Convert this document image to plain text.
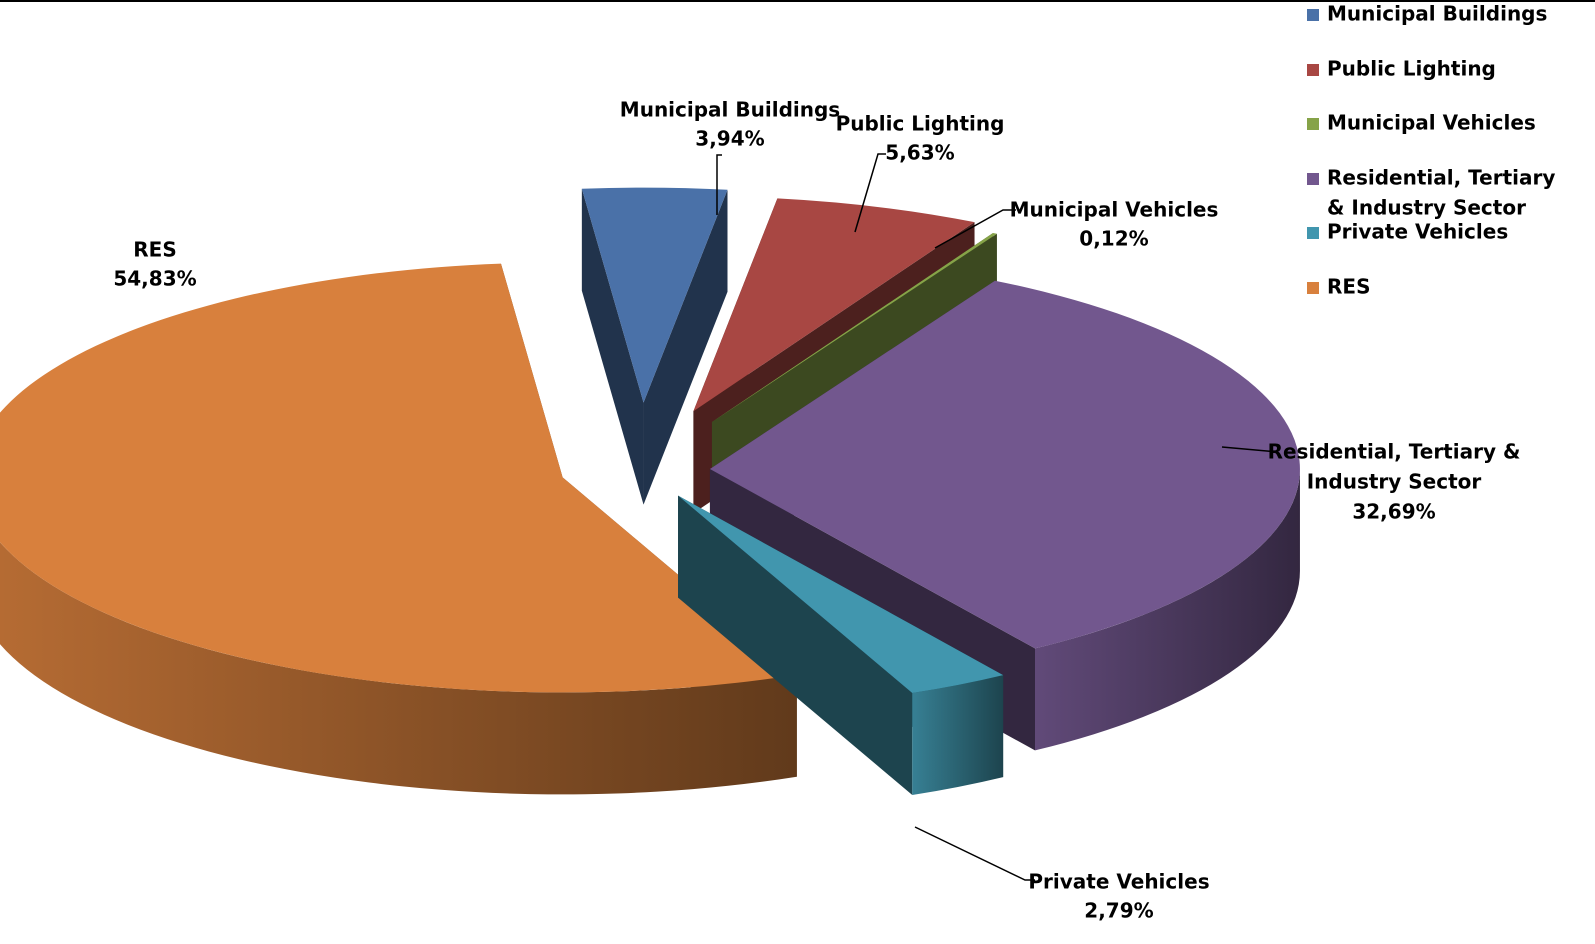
Municipal Buildings
3,94%
Public Lighting
5,63%
Municipal Vehicles
0,12%
Residential, Tertiary &
Industry Sector
32,69%
Private Vehicles
2,79%
RES
54,83%
Municipal Buildings
Public Lighting
Municipal Vehicles
Residential, Tertiary
& Industry Sector
Private Vehicles
RES
